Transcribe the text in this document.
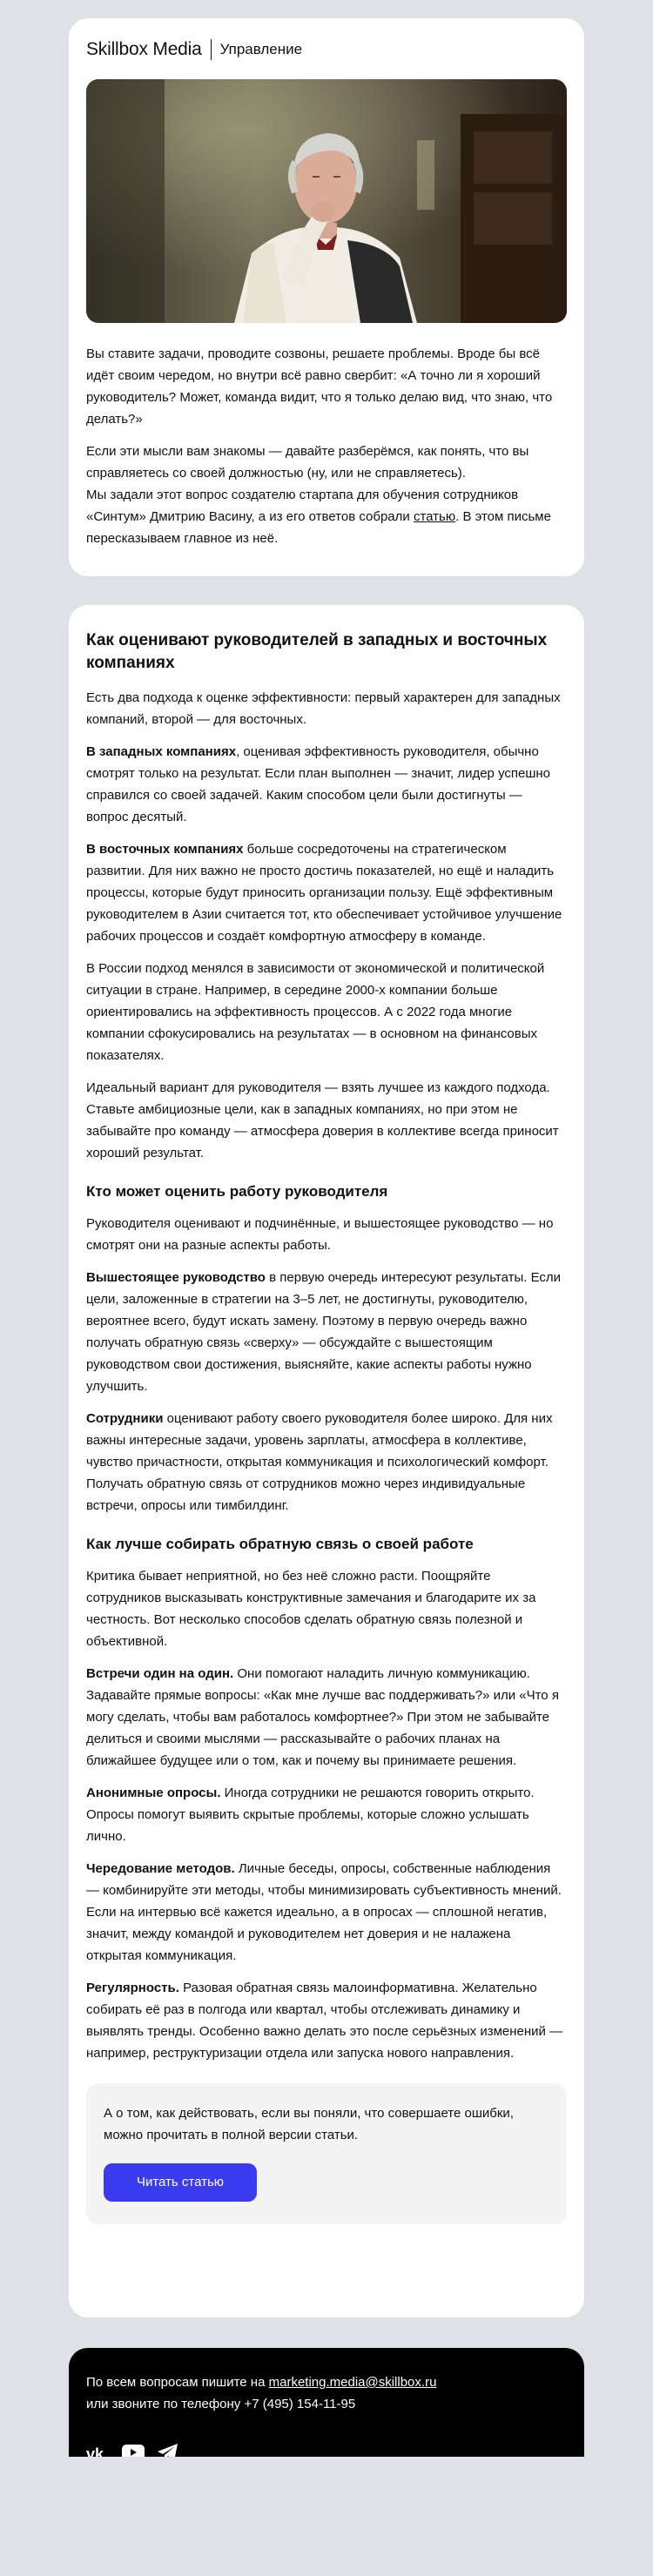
Skillbox Media Управление

Вы ставите задачи, проводите созвоны, решаете проблемы. Вроде бы всё идёт своим чередом, но внутри всё равно свербит: «А точно ли я хороший руководитель? Может, команда видит, что я только делаю вид, что знаю, что делать?»

Если эти мысли вам знакомы — давайте разберёмся, как понять, что вы справляетесь со своей должностью (ну, или не справляетесь).
Мы задали этот вопрос создателю стартапа для обучения сотрудников «Синтум» Дмитрию Васину, а из его ответов собрали статью. В этом письме пересказываем главное из неё.

Как оценивают руководителей в западных и восточных компаниях

Есть два подхода к оценке эффективности: первый характерен для западных компаний, второй — для восточных.

В западных компаниях, оценивая эффективность руководителя, обычно смотрят только на результат. Если план выполнен — значит, лидер успешно справился со своей задачей. Каким способом цели были достигнуты — вопрос десятый.

В восточных компаниях больше сосредоточены на стратегическом развитии. Для них важно не просто достичь показателей, но ещё и наладить процессы, которые будут приносить организации пользу. Ещё эффективным руководителем в Азии считается тот, кто обеспечивает устойчивое улучшение рабочих процессов и создаёт комфортную атмосферу в команде.

В России подход менялся в зависимости от экономической и политической ситуации в стране. Например, в середине 2000-х компании больше ориентировались на эффективность процессов. А с 2022 года многие компании сфокусировались на результатах — в основном на финансовых показателях.

Идеальный вариант для руководителя — взять лучшее из каждого подхода. Ставьте амбициозные цели, как в западных компаниях, но при этом не забывайте про команду — атмосфера доверия в коллективе всегда приносит хороший результат.

Кто может оценить работу руководителя

Руководителя оценивают и подчинённые, и вышестоящее руководство — но смотрят они на разные аспекты работы.

Вышестоящее руководство в первую очередь интересуют результаты. Если цели, заложенные в стратегии на 3–5 лет, не достигнуты, руководителю, вероятнее всего, будут искать замену. Поэтому в первую очередь важно получать обратную связь «сверху» — обсуждайте с вышестоящим руководством свои достижения, выясняйте, какие аспекты работы нужно улучшить.

Сотрудники оценивают работу своего руководителя более широко. Для них важны интересные задачи, уровень зарплаты, атмосфера в коллективе, чувство причастности, открытая коммуникация и психологический комфорт. Получать обратную связь от сотрудников можно через индивидуальные встречи, опросы или тимбилдинг.

Как лучше собирать обратную связь о своей работе

Критика бывает неприятной, но без неё сложно расти. Поощряйте сотрудников высказывать конструктивные замечания и благодарите их за честность. Вот несколько способов сделать обратную связь полезной и объективной.

Встречи один на один. Они помогают наладить личную коммуникацию. Задавайте прямые вопросы: «Как мне лучше вас поддерживать?» или «Что я могу сделать, чтобы вам работалось комфортнее?» При этом не забывайте делиться и своими мыслями — рассказывайте о рабочих планах на ближайшее будущее или о том, как и почему вы принимаете решения.

Анонимные опросы. Иногда сотрудники не решаются говорить открыто. Опросы помогут выявить скрытые проблемы, которые сложно услышать лично.

Чередование методов. Личные беседы, опросы, собственные наблюдения — комбинируйте эти методы, чтобы минимизировать субъективность мнений. Если на интервью всё кажется идеально, а в опросах — сплошной негатив, значит, между командой и руководителем нет доверия и не налажена открытая коммуникация.

Регулярность. Разовая обратная связь малоинформативна. Желательно собирать её раз в полгода или квартал, чтобы отслеживать динамику и выявлять тренды. Особенно важно делать это после серьёзных изменений — например, реструктуризации отдела или запуска нового направления.

А о том, как действовать, если вы поняли, что совершаете ошибки, можно прочитать в полной версии статьи.

Читать статью

По всем вопросам пишите на marketing.media@skillbox.ru

или звоните по телефону +7 (495) 154-11-95

vk
